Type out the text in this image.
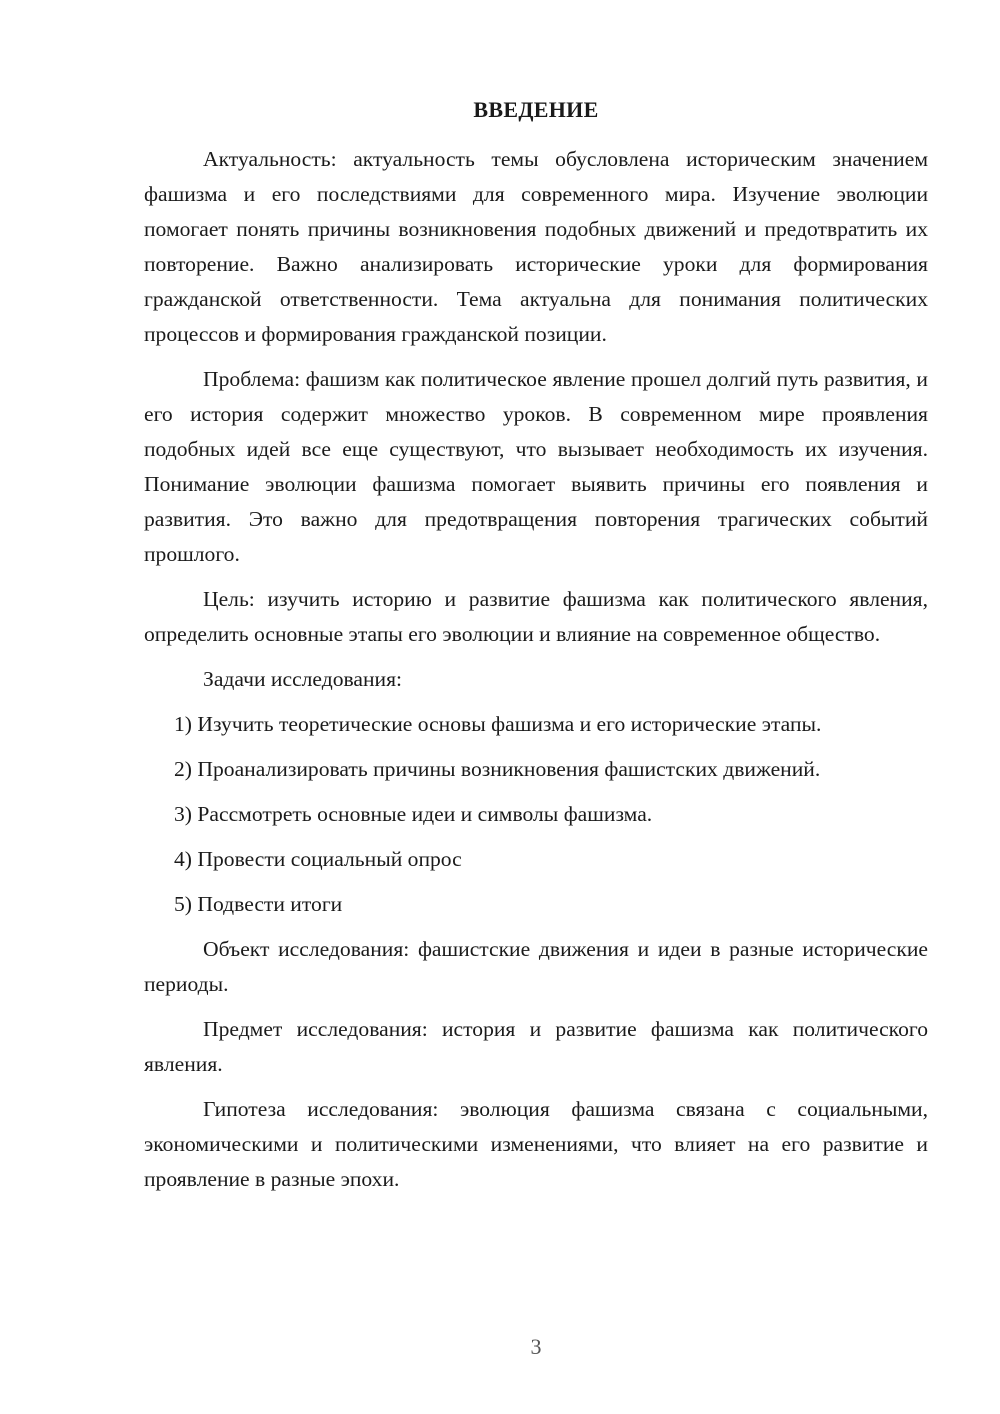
ВВЕДЕНИЕ

Актуальность: актуальность темы обусловлена историческим значением фашизма и его последствиями для современного мира. Изучение эволюции помогает понять причины возникновения подобных движений и предотвратить их повторение. Важно анализировать исторические уроки для формирования гражданской ответственности. Тема актуальна для понимания политических процессов и формирования гражданской позиции.

Проблема: фашизм как политическое явление прошел долгий путь развития, и его история содержит множество уроков. В современном мире проявления подобных идей все еще существуют, что вызывает необходимость их изучения. Понимание эволюции фашизма помогает выявить причины его появления и развития. Это важно для предотвращения повторения трагических событий прошлого.

Цель: изучить историю и развитие фашизма как политического явления, определить основные этапы его эволюции и влияние на современное общество.

Задачи исследования:

1) Изучить теоретические основы фашизма и его исторические этапы.

2) Проанализировать причины возникновения фашистских движений.

3) Рассмотреть основные идеи и символы фашизма.

4) Провести социальный опрос

5) Подвести итоги

Объект исследования: фашистские движения и идеи в разные исторические периоды.

Предмет исследования: история и развитие фашизма как политического явления.

Гипотеза исследования: эволюция фашизма связана с социальными, экономическими и политическими изменениями, что влияет на его развитие и проявление в разные эпохи.

3
